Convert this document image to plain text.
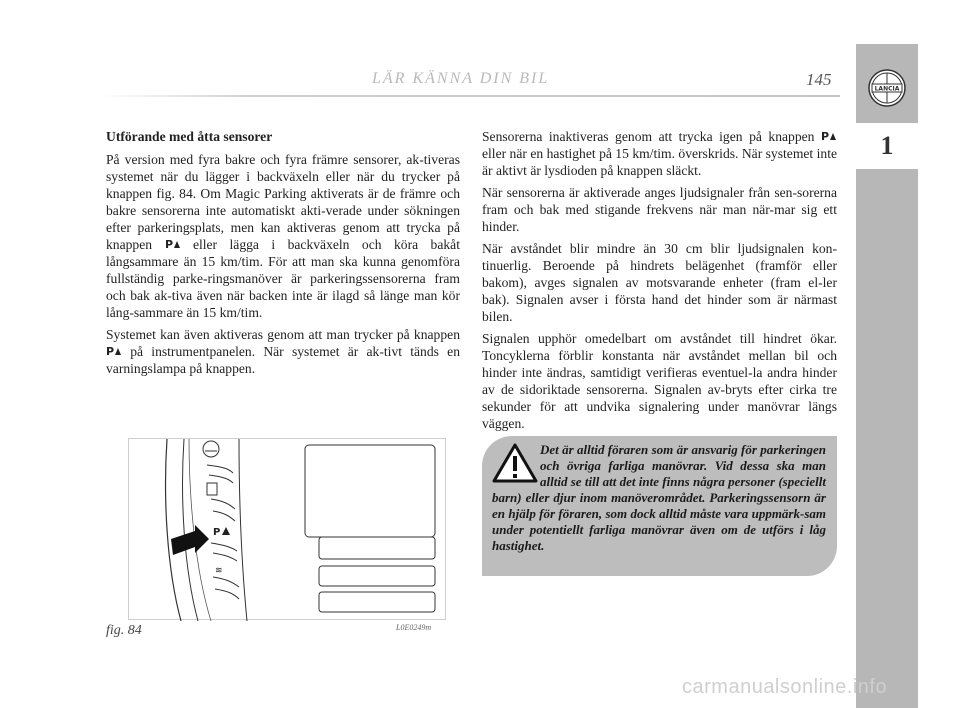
LÄR KÄNNA DIN BIL	145	LANCIA
1
Utförande med åtta sensorer

På version med fyra bakre och fyra främre sensorer, ak-tiveras systemet när du lägger i backväxeln eller när du trycker på knappen fig. 84. Om Magic Parking aktiverats är de främre och bakre sensorerna inte automatiskt akti-verade under sökningen efter parkeringsplats, men kan aktiveras genom att trycka på knappen P eller lägga i backväxeln och köra bakåt långsammare än 15 km/tim. För att man ska kunna genomföra fullständig parke-ringsmanöver är parkeringssensorerna fram och bak ak-tiva även när backen inte är ilagd så länge man kör lång-sammare än 15 km/tim.

Systemet kan även aktiveras genom att man trycker på knappen
P på instrumentpanelen. När systemet är ak-tivt tänds en varningslampa på knappen.

Sensorerna inaktiveras genom att trycka igen på knappen P
eller när en hastighet på 15 km/tim. överskrids. När systemet inte är aktivt är lysdioden på knappen släckt.

När sensorerna är aktiverade anges ljudsignaler från sen-sorerna fram och bak med stigande frekvens när man när-mar sig ett hinder.

När avståndet blir mindre än 30 cm blir ljudsignalen kon-tinuerlig. Beroende på hindrets belägenhet (framför eller bakom), avges signalen av motsvarande enheter (fram el-ler bak). Signalen avser i första hand det hinder som är närmast bilen.

Signalen upphör omedelbart om avståndet till hindret ökar. Toncyklerna förblir konstanta när avståndet mellan bil och hinder inte ändras, samtidigt verifieras eventuel-la andra hinder av de sidoriktade sensorerna. Signalen av-bryts efter cirka tre sekunder för att undvika signalering under manövrar längs väggen.

P
≋
fig. 84	L0E0249m
Det är alltid föraren som är ansvarig för parkeringen och övriga farliga manövrar. Vid dessa ska man alltid se till att det inte finns några personer (speciellt barn) eller djur inom manöverområdet. Parkeringssensorn är en hjälp för föraren, som dock alltid måste vara uppmärk-sam under potentiellt farliga manövrar även om de utförs i låg hastighet.
carmanualsonline.info
